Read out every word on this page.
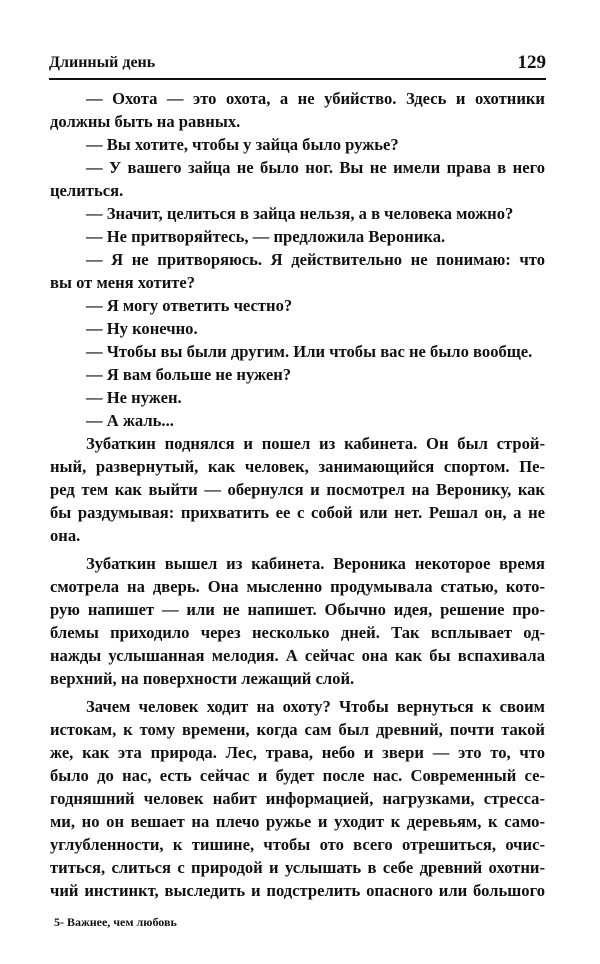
Длинный день	129
— Охота — это охота, а не убийство. Здесь и охотники
должны быть на равных.
— Вы хотите, чтобы у зайца было ружье?
— У вашего зайца не было ног. Вы не имели права в него
целиться.
— Значит, целиться в зайца нельзя, а в человека можно?
— Не притворяйтесь, — предложила Вероника.
— Я не притворяюсь. Я действительно не понимаю: что
вы от меня хотите?
— Я могу ответить честно?
— Ну конечно.
— Чтобы вы были другим. Или чтобы вас не было вообще.
— Я вам больше не нужен?
— Не нужен.
— А жаль...
Зубаткин поднялся и пошел из кабинета. Он был строй-
ный, развернутый, как человек, занимающийся спортом. Пе-
ред тем как выйти — обернулся и посмотрел на Веронику, как
бы раздумывая: прихватить ее с собой или нет. Решал он, а не
она.
Зубаткин вышел из кабинета. Вероника некоторое время
смотрела на дверь. Она мысленно продумывала статью, кото-
рую напишет — или не напишет. Обычно идея, решение про-
блемы приходило через несколько дней. Так всплывает од-
нажды услышанная мелодия. А сейчас она как бы вспахивала
верхний, на поверхности лежащий слой.
Зачем человек ходит на охоту? Чтобы вернуться к своим
истокам, к тому времени, когда сам был древний, почти такой
же, как эта природа. Лес, трава, небо и звери — это то, что
было до нас, есть сейчас и будет после нас. Современный се-
годняшний человек набит информацией, нагрузками, стресса-
ми, но он вешает на плечо ружье и уходит к деревьям, к само-
углубленности, к тишине, чтобы ото всего отрешиться, очис-
титься, слиться с природой и услышать в себе древний охотни-
чий инстинкт, выследить и подстрелить опасного или большого
5- Важнее, чем любовь
